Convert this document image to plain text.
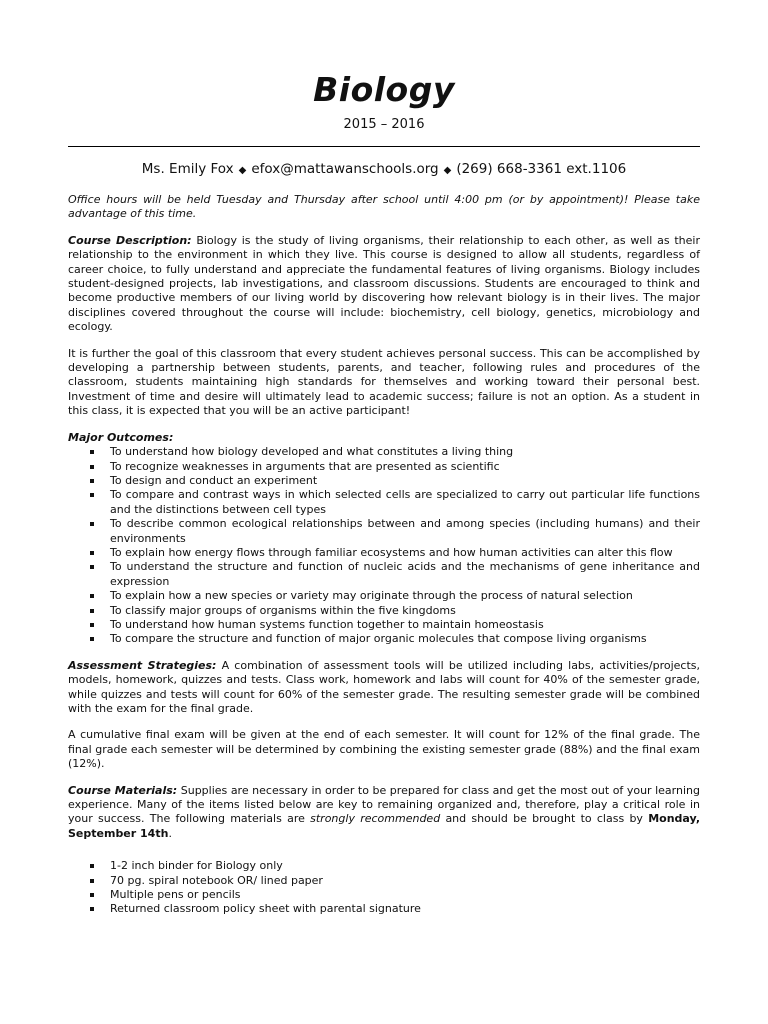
Biology
2015 – 2016
Ms. Emily Fox ◆ efox@mattawanschools.org ◆ (269) 668-3361 ext.1106

Office hours will be held Tuesday and Thursday after school until 4:00 pm (or by appointment)! Please take advantage of this time.

Course Description: Biology is the study of living organisms, their relationship to each other, as well as their relationship to the environment in which they live. This course is designed to allow all students, regardless of career choice, to fully understand and appreciate the fundamental features of living organisms. Biology includes student-designed projects, lab investigations, and classroom discussions. Students are encouraged to think and become productive members of our living world by discovering how relevant biology is in their lives. The major disciplines covered throughout the course will include: biochemistry, cell biology, genetics, microbiology and ecology.

It is further the goal of this classroom that every student achieves personal success. This can be accomplished by developing a partnership between students, parents, and teacher, following rules and procedures of the classroom, students maintaining high standards for themselves and working toward their personal best. Investment of time and desire will ultimately lead to academic success; failure is not an option. As a student in this class, it is expected that you will be an active participant!

Major Outcomes:

To understand how biology developed and what constitutes a living thing
To recognize weaknesses in arguments that are presented as scientific
To design and conduct an experiment
To compare and contrast ways in which selected cells are specialized to carry out particular life functions and the distinctions between cell types
To describe common ecological relationships between and among species (including humans) and their environments
To explain how energy flows through familiar ecosystems and how human activities can alter this flow
To understand the structure and function of nucleic acids and the mechanisms of gene inheritance and expression
To explain how a new species or variety may originate through the process of natural selection
To classify major groups of organisms within the five kingdoms
To understand how human systems function together to maintain homeostasis
To compare the structure and function of major organic molecules that compose living organisms

Assessment Strategies: A combination of assessment tools will be utilized including labs, activities/projects, models, homework, quizzes and tests. Class work, homework and labs will count for 40% of the semester grade, while quizzes and tests will count for 60% of the semester grade. The resulting semester grade will be combined with the exam for the final grade.

A cumulative final exam will be given at the end of each semester. It will count for 12% of the final grade. The final grade each semester will be determined by combining the existing semester grade (88%) and the final exam (12%).

Course Materials: Supplies are necessary in order to be prepared for class and get the most out of your learning experience. Many of the items listed below are key to remaining organized and, therefore, play a critical role in your success. The following materials are strongly recommended and should be brought to class by Monday, September 14th.

1-2 inch binder for Biology only
70 pg. spiral notebook OR/ lined paper
Multiple pens or pencils
Returned classroom policy sheet with parental signature
